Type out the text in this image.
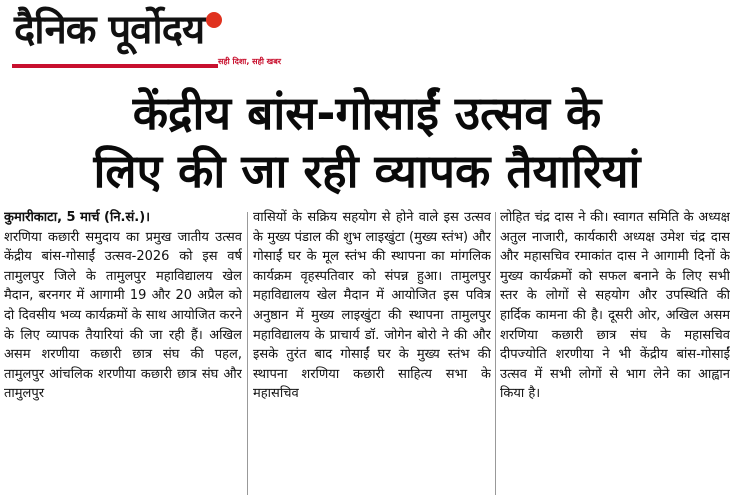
दैनिक पूर्वोदय
सही दिशा, सही खबर
केंद्रीय बांस-गोसाईं उत्सव के
लिए की जा रही व्यापक तैयारियां

कुमारीकाटा, 5 मार्च (नि.सं.)।

शरणिया कछारी समुदाय का प्रमुख जातीय उत्सव केंद्रीय बांस-गोसाईं उत्सव-2026 को इस वर्ष तामुलपुर जिले के तामुलपुर महाविद्यालय खेल मैदान, बरनगर में आगामी 19 और 20 अप्रैल को दो दिवसीय भव्य कार्यक्रमों के साथ आयोजित करने के लिए व्यापक तैयारियां की जा रही हैं। अखिल असम शरणीया कछारी छात्र संघ की पहल, तामुलपुर आंचलिक शरणीया कछारी छात्र संघ और तामुलपुर

वासियों के सक्रिय सहयोग से होने वाले इस उत्सव के मुख्य पंडाल की शुभ लाइखुंटा (मुख्य स्तंभ) और गोसाईं घर के मूल स्तंभ की स्थापना का मांगलिक कार्यक्रम वृहस्पतिवार को संपन्न हुआ। तामुलपुर महाविद्यालय खेल मैदान में आयोजित इस पवित्र अनुष्ठान में मुख्य लाइखुंटा की स्थापना तामुलपुर महाविद्यालय के प्राचार्य डॉ. जोगेन बोरो ने की और इसके तुरंत बाद गोसाईं घर के मुख्य स्तंभ की स्थापना शरणिया कछारी साहित्य सभा के महासचिव

लोहित चंद्र दास ने की। स्वागत समिति के अध्यक्ष अतुल नाजारी, कार्यकारी अध्यक्ष उमेश चंद्र दास और महासचिव रमाकांत दास ने आगामी दिनों के मुख्य कार्यक्रमों को सफल बनाने के लिए सभी स्तर के लोगों से सहयोग और उपस्थिति की हार्दिक कामना की है। दूसरी ओर, अखिल असम शरणिया कछारी छात्र संघ के महासचिव दीपज्योति शरणीया ने भी केंद्रीय बांस-गोसाईं उत्सव में सभी लोगों से भाग लेने का आह्वान किया है।
